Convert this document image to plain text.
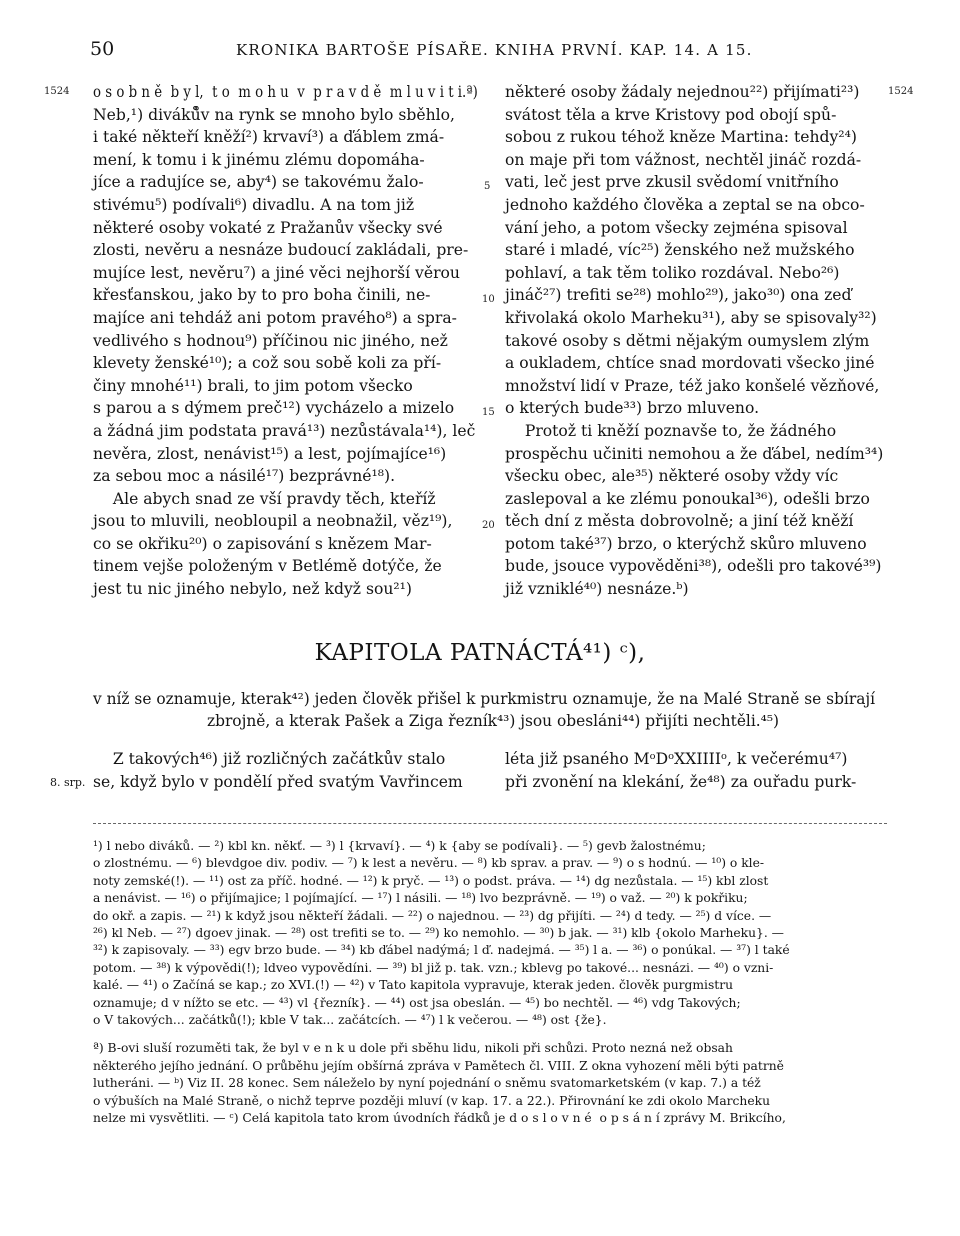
50	KRONIKA BARTOŠE PÍSAŘE. KNIHA PRVNÍ. KAP. 14. A 15.
1524	1524
5
10
15
20

o s o b n ě  b y l,  t o  m o h u  v  p r a v d ě  m l u v i t i.ª)

Neb,¹) diváků̊v na rynk se mnoho bylo sběhlo,

i také někteří kněží²) krvaví³) a ďáblem zmá-

mení, k tomu i k jinému zlému dopomáha-

jíce a radujíce se, aby⁴) se takovému žalo-

stivému⁵) podívali⁶) divadlu. A na tom již

některé osoby vokaté z Pražanův všecky své

zlosti, nevěru a nesnáze budoucí zakládali, pre-

mujíce lest, nevěru⁷) a jiné věci nejhorší věrou

křesťanskou, jako by to pro boha činili, ne-

majíce ani tehdáž ani potom pravého⁸) a spra-

vedlivého s hodnou⁹) příčinou nic jiného, než

klevety ženské¹⁰); a což sou sobě koli za pří-

činy mnohé¹¹) brali, to jim potom všecko

s parou a s dýmem preč¹²) vycházelo a mizelo

a žádná jim podstata pravá¹³) nezůstávala¹⁴), leč

nevěra, zlost, nenávist¹⁵) a lest, pojímajíce¹⁶)

za sebou moc a násilé¹⁷) bezprávné¹⁸).

Ale abych snad ze vší pravdy těch, kteříž

jsou to mluvili, neobloupil a neobnažil, věz¹⁹),

co se okřiku²⁰) o zapisování s knězem Mar-

tinem vejše položeným v Betlémě dotýče, že

jest tu nic jiného nebylo, než když sou²¹)

některé osoby žádaly nejednou²²) přijímati²³)

svátost těla a krve Kristovy pod obojí spů-

sobou z rukou téhož kněze Martina: tehdy²⁴)

on maje při tom vážnost, nechtěl jináč rozdá-

vati, leč jest prve zkusil svědomí vnitřního

jednoho každého člověka a zeptal se na obco-

vání jeho, a potom všecky zejména spisoval

staré i mladé, víc²⁵) ženského než mužského

pohlaví, a tak těm toliko rozdával. Nebo²⁶)

jináč²⁷) trefiti se²⁸) mohlo²⁹), jako³⁰) ona zeď

křivolaká okolo Marheku³¹), aby se spisovaly³²)

takové osoby s dětmi nějakým oumyslem zlým

a oukladem, chtíce snad mordovati všecko jiné

množství lidí v Praze, též jako konšelé vězňové,

o kterých bude³³) brzo mluveno.

Protož ti kněží poznavše to, že žádného

prospěchu učiniti nemohou a že ďábel, nedím³⁴)

všecku obec, ale³⁵) některé osoby vždy víc

zaslepoval a ke zlému ponoukal³⁶), odešli brzo

těch dní z města dobrovolně; a jiní též kněží

potom také³⁷) brzo, o kterýchž skůro mluveno

bude, jsouce vypověděni³⁸), odešli pro takové³⁹)

již vzniklé⁴⁰) nesnáze.ᵇ)

KAPITOLA PATNÁCTÁ⁴¹) ᶜ),

v níž se oznamuje, kterak⁴²) jeden člověk přišel k purkmistru oznamuje, že na Malé Straně se sbírají

zbrojně, a kterak Pašek a Ziga řezník⁴³) jsou obesláni⁴⁴) přijíti nechtěli.⁴⁵)

8. srp.

Z takových⁴⁶) již rozličných začátkův stalo

se, když bylo v pondělí před svatým Vavřincem

léta již psaného MᵒDᵒXXIIIIᵒ, k večerému⁴⁷)

při zvonění na klekání, že⁴⁸) za ouřadu purk-

¹) l nebo diváků. — ²) kbl kn. někť. — ³) l {krvaví}. — ⁴) k {aby se podívali}. — ⁵) gevb žalostnému;

o zlostnému. — ⁶) blevdgoe div. podiv. — ⁷) k lest a nevěru. — ⁸) kb sprav. a prav. — ⁹) o s hodnú. — ¹⁰) o kle-

noty zemské(!). — ¹¹) ost za příč. hodné. — ¹²) k pryč. — ¹³) o podst. práva. — ¹⁴) dg nezůstala. — ¹⁵) kbl zlost

a nenávist. — ¹⁶) o přijímajice; l pojímající. — ¹⁷) l násili. — ¹⁸) lvo bezprávně. — ¹⁹) o važ. — ²⁰) k pokřiku;

do okř. a zapis. — ²¹) k když jsou někteří žádali. — ²²) o najednou. — ²³) dg přijíti. — ²⁴) d tedy. — ²⁵) d více. —

²⁶) kl Neb. — ²⁷) dgoev jinak. — ²⁸) ost trefiti se to. — ²⁹) ko nemohlo. — ³⁰) b jak. — ³¹) klb {okolo Marheku}. —

³²) k zapisovaly. — ³³) egv brzo bude. — ³⁴) kb ďábel nadýmá; l ď. nadejmá. — ³⁵) l a. — ³⁶) o ponúkal. — ³⁷) l také

potom. — ³⁸) k výpovědi(!); ldveo vypovědíni. — ³⁹) bl již p. tak. vzn.; kblevg po takové... nesnázi. — ⁴⁰) o vzni-

kalé. — ⁴¹) o Začíná se kap.; zo XVI.(!) — ⁴²) v Tato kapitola vypravuje, kterak jeden. člověk purgmistru

oznamuje; d v nížto se etc. — ⁴³) vl {řezník}. — ⁴⁴) ost jsa obeslán. — ⁴⁵) bo nechtěl. — ⁴⁶) vdg Takových;

o V takových... začátků(!); kble V tak... začátcích. — ⁴⁷) l k večerou. — ⁴⁸) ost {že}.

ª) B-ovi sluší rozuměti tak, že byl v e n k u dole při sběhu lidu, nikoli při schůzi. Proto nezná než obsah

některého jejího jednání. O průběhu jejím obšírná zpráva v Pamětech čl. VIII. Z okna vyhození měli býti patrně

lutheráni. — ᵇ) Viz II. 28 konec. Sem náleželo by nyní pojednání o sněmu svatomarketském (v kap. 7.) a též

o výbuších na Malé Straně, o nichž teprve později mluví (v kap. 17. a 22.). Přirovnání ke zdi okolo Marcheku

nelze mi vysvětliti. — ᶜ) Celá kapitola tato krom úvodních řádků je d o s l o v n é  o p s á n í zprávy M. Brikcího,
